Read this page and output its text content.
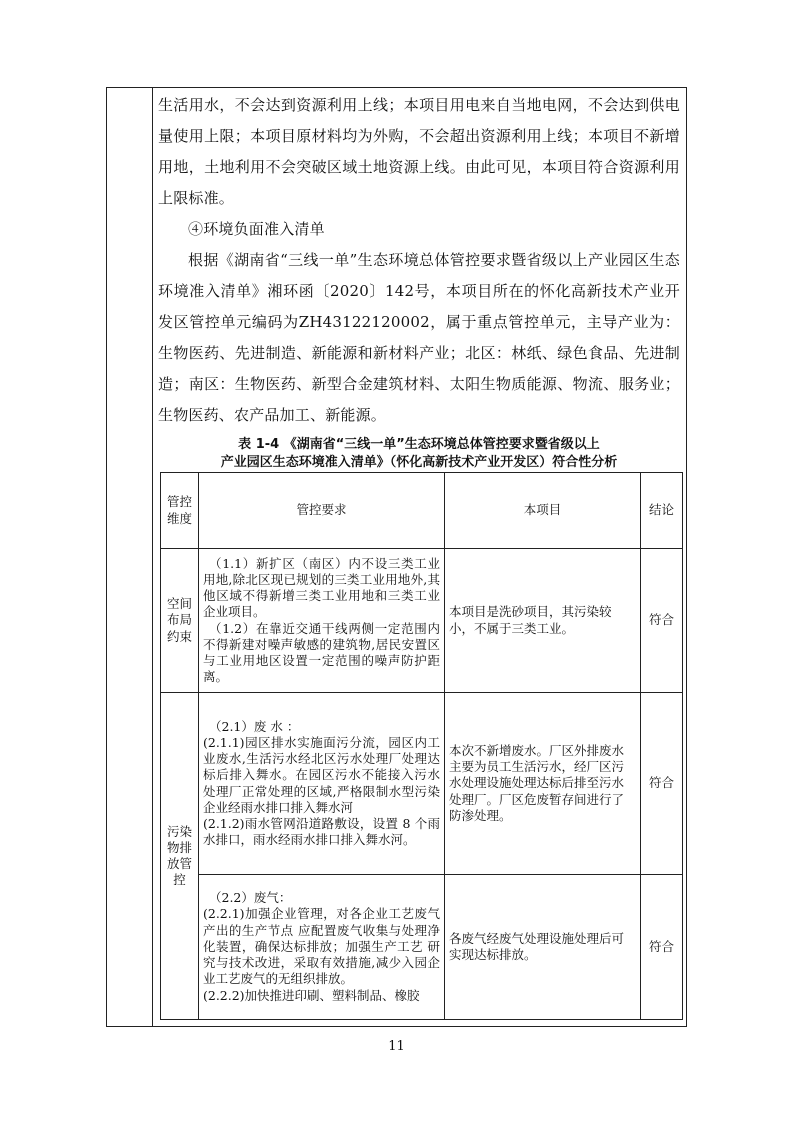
生活用水，不会达到资源利用上线；本项目用电来自当地电网，不会达到供电量使用上限；本项目原材料均为外购，不会超出资源利用上线；本项目不新增用地，土地利用不会突破区域土地资源上线。由此可见，本项目符合资源利用上限标准。

④环境负面准入清单

根据《湖南省“三线一单”生态环境总体管控要求暨省级以上产业园区生态环境准入清单》湘环函〔2020〕142号，本项目所在的怀化高新技术产业开发区管控单元编码为ZH43122120002，属于重点管控单元，主导产业为：生物医药、先进制造、新能源和新材料产业；北区：林纸、绿色食品、先进制造；南区：生物医药、新型合金建筑材料、太阳生物质能源、物流、服务业；生物医药、农产品加工、新能源。

表 1-4 《湖南省“三线一单”生态环境总体管控要求暨省级以上

产业园区生态环境准入清单》（怀化高新技术产业开发区）符合性分析

管控维度	管控要求	本项目	结论
空间布局约束	（1.1）新扩区（南区）内不设三类工业用地,除北区现已规划的三类工业用地外,其他区域不得新增三类工业用地和三类工业企业项目。

（1.2）在靠近交通干线两侧一定范围内不得新建对噪声敏感的建筑物,居民安置区与工业用地区设置一定范围的噪声防护距离。	本项目是洗砂项目，其污染较小，不属于三类工业。	符合
污染物排放管控	（2.1）废 水 ：

(2.1.1)园区排水实施面污分流，园区内工业废水,生活污水经北区污水处理厂处理达标后排入舞水。在园区污水不能接入污水处理厂正常处理的区域,严格限制水型污染企业经雨水排口排入舞水河

(2.1.2)雨水管网沿道路敷设，设置 8 个雨水排口，雨水经雨水排口排入舞水河。	本次不新增废水。厂区外排废水主要为员工生活污水，经厂区污水处理设施处理达标后排至污水处理厂。厂区危废暂存间进行了防渗处理。	符合

	（2.2）废气：

(2.2.1)加强企业管理，对各企业工艺废气产出的生产节点 应配置废气收集与处理净化装置，确保达标排放；加强生产工艺 研究与技术改进，采取有效措施,减少入园企业工艺废气的无组织排放。

(2.2.2)加快推进印刷、塑料制品、橡胶	各废气经废气处理设施处理后可实现达标排放。	符合
11
